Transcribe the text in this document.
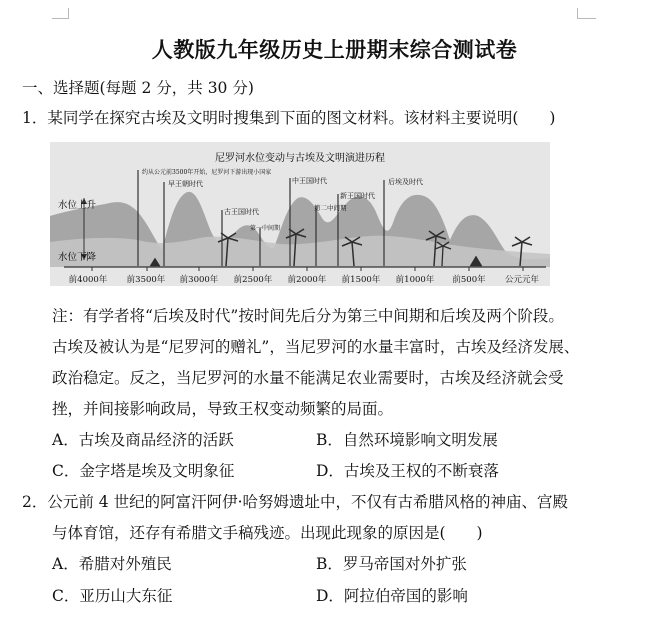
人教版九年级历史上册期末综合测试卷
一、选择题(每题 2 分，共 30 分)
1．某同学在探究古埃及文明时搜集到下面的图文材料。该材料主要说明(　　)
尼罗河水位变动与古埃及文明演进历程
水位上升
水位下降
约从公元前3500年开始，尼罗河下游出现小国家
早王朝时代
古王国时代
第一中间期
中王国时代
第二中间期
新王国时代
后埃及时代
前4000年 前3500年 前3000年 前2500年 前2000年 前1500年 前1000年 前500年 公元元年
注：有学者将“后埃及时代”按时间先后分为第三中间期和后埃及两个阶段。
古埃及被认为是“尼罗河的赠礼”，当尼罗河的水量丰富时，古埃及经济发展、
政治稳定。反之，当尼罗河的水量不能满足农业需要时，古埃及经济就会受
挫，并间接影响政局，导致王权变动频繁的局面。
A．古埃及商品经济的活跃	B．自然环境影响文明发展
C．金字塔是埃及文明象征	D．古埃及王权的不断衰落
2．公元前 4 世纪的阿富汗阿伊·哈努姆遗址中，不仅有古希腊风格的神庙、宫殿
与体育馆，还存有希腊文手稿残迹。出现此现象的原因是(　　)
A．希腊对外殖民	B．罗马帝国对外扩张
C．亚历山大东征	D．阿拉伯帝国的影响
